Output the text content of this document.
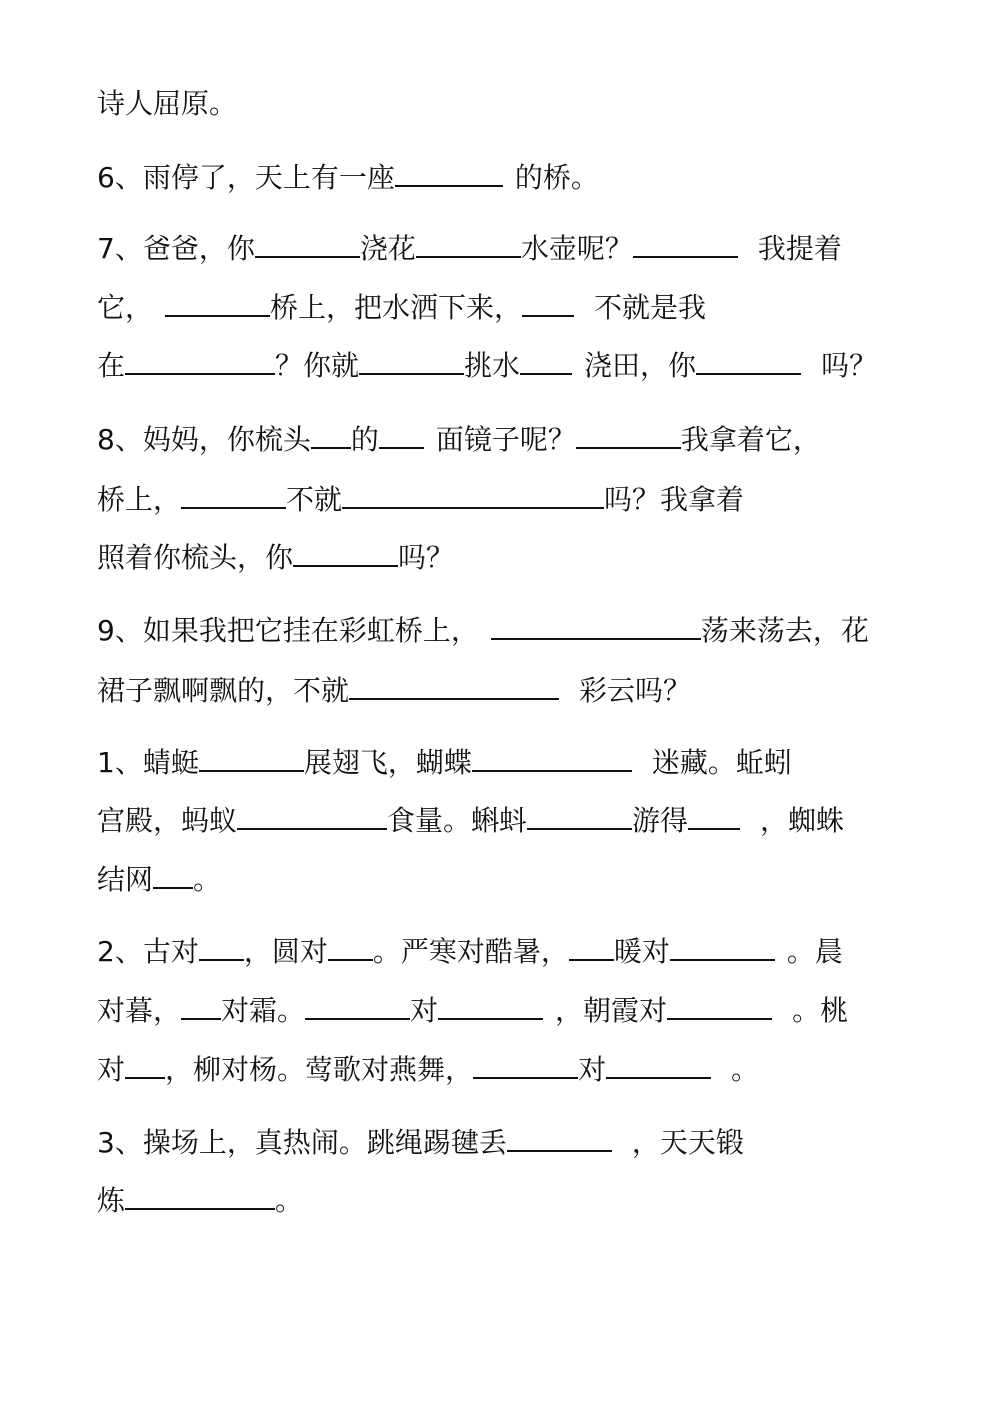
诗人屈原。
6、雨停了，天上有一座	的桥。
7、爸爸，你	浇花	水壶呢？	我提着
它，	桥上，把水洒下来，	不就是我
在	？你就	挑水 浇田，你	吗？
8、妈妈，你梳头 的 面镜子呢？	我拿着它，
桥上，	不就	吗？我拿着
照着你梳头，你	吗？
9、如果我把它挂在彩虹桥上，	荡来荡去，花
裙子飘啊飘的，不就	彩云吗？
1、蜻蜓	展翅飞，蝴蝶	迷藏。蚯蚓
宫殿，蚂蚁	食量。蝌蚪	游得	，蜘蛛
结网 。
2、古对 ，圆对 。严寒对酷暑， 暖对	。晨
对暮， 对霜。	对	，朝霞对	。桃
对 ，柳对杨。莺歌对燕舞，	对	。
3、操场上，真热闹。跳绳踢毽丢	，天天锻
炼	。
